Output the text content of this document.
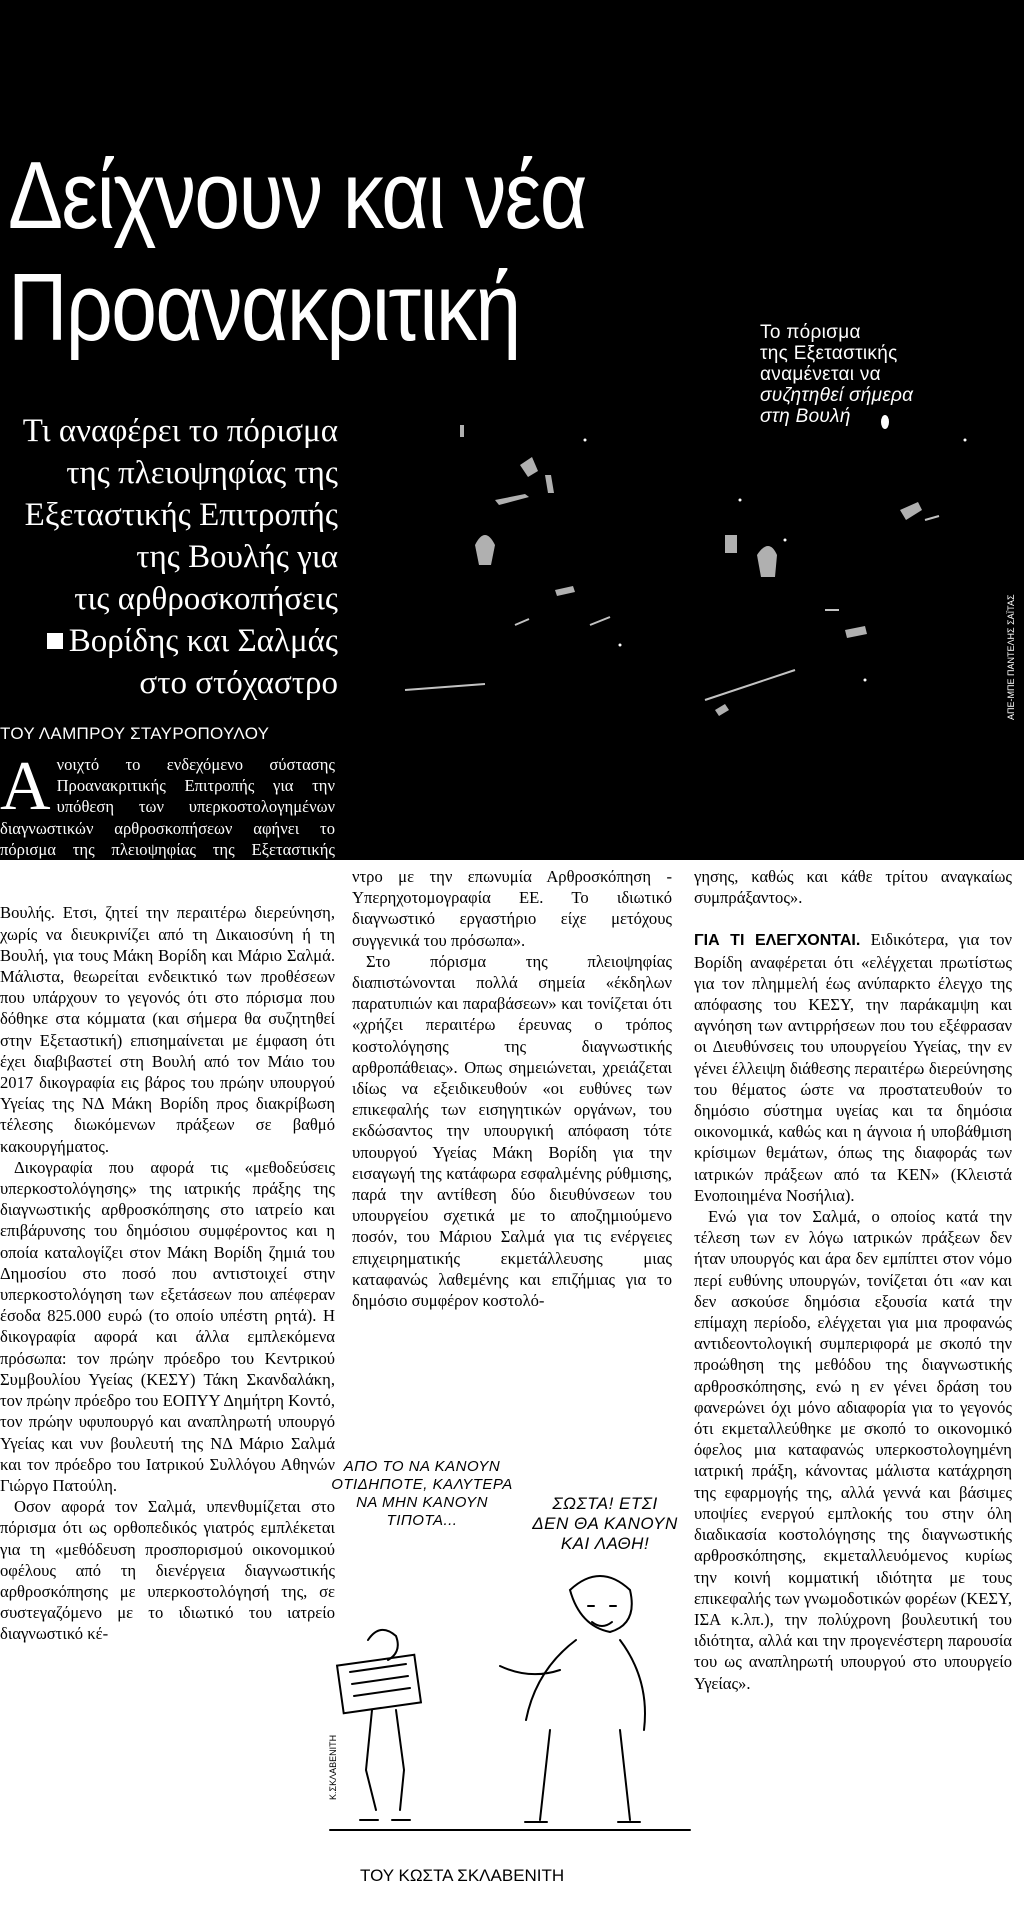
Δείχνουν και νέα
Προανακριτική
Τι αναφέρει το πόρισμα
της πλειοψηφίας της
Εξεταστικής Επιτροπής
της Βουλής για
τις αρθροσκοπήσεις
Βορίδης και Σαλμάς
στο στόχαστρο
ΤΟΥ ΛΑΜΠΡΟΥ ΣΤΑΥΡΟΠΟΥΛΟΥ
Το πόρισμα
της Εξεταστικής
αναμένεται να
συζητηθεί σήμερα
στη Βουλή
ΑΠΕ-ΜΠΕ ΠΑΝΤΕΛΗΣ ΣΑΪΤΑΣ

Ανοιχτό το ενδεχόμενο σύστασης Προανακριτικής Επιτροπής για την υπόθεση των υπερκοστολογημένων διαγνωστικών αρθροσκοπήσεων αφήνει το πόρισμα της πλειοψηφίας της Εξεταστικής Επιτροπής της Βουλής, παραπέμποντας ουσιαστικά το θέμα στην Ολομέλεια της

Βουλής. Ετσι, ζητεί την περαιτέρω διερεύνηση, χωρίς να διευκρινίζει από τη Δικαιοσύνη ή τη Βουλή, για τους Μάκη Βορίδη και Μάριο Σαλμά. Μάλιστα, θεωρείται ενδεικτικό των προθέσεων που υπάρχουν το γεγονός ότι στο πόρισμα που δόθηκε στα κόμματα (και σήμερα θα συζητηθεί στην Εξεταστική) επισημαίνεται με έμφαση ότι έχει διαβιβαστεί στη Βουλή από τον Μάιο του 2017 δικογραφία εις βάρος του πρώην υπουργού Υγείας της ΝΔ Μάκη Βορίδη προς διακρίβωση τέλεσης διωκόμενων πράξεων σε βαθμό κακουργήματος.

Δικογραφία που αφορά τις «μεθοδεύσεις υπερκοστολόγησης» της ιατρικής πράξης της διαγνωστικής αρθροσκόπησης στο ιατρείο και επιβάρυνσης του δημόσιου συμφέροντος και η οποία καταλογίζει στον Μάκη Βορίδη ζημιά του Δημοσίου στο ποσό που αντιστοιχεί στην υπερκοστολόγηση των εξετάσεων που απέφεραν έσοδα 825.000 ευρώ (το οποίο υπέστη ρητά). Η δικογραφία αφορά και άλλα εμπλεκόμενα πρόσωπα: τον πρώην πρόεδρο του Κεντρικού Συμβουλίου Υγείας (ΚΕΣΥ) Τάκη Σκανδαλάκη, τον πρώην πρόεδρο του ΕΟΠΥΥ Δημήτρη Κοντό, τον πρώην υφυπουργό και αναπληρωτή υπουργό Υγείας και νυν βουλευτή της ΝΔ Μάριο Σαλμά και τον πρόεδρο του Ιατρικού Συλλόγου Αθηνών Γιώργο Πατούλη.

Οσον αφορά τον Σαλμά, υπενθυμίζεται στο πόρισμα ότι ως ορθοπεδικός γιατρός εμπλέκεται για τη «μεθόδευση προσπορισμού οικονομικού οφέλους από τη διενέργεια διαγνωστικής αρθροσκόπησης με υπερκοστολόγησή της, σε συστεγαζόμενο με το ιδιωτικό του ιατρείο διαγνωστικό κέ-

ντρο με την επωνυμία Αρθροσκόπηση - Υπερηχοτομογραφία ΕΕ. Το ιδιωτικό διαγνωστικό εργαστήριο είχε μετόχους συγγενικά του πρόσωπα».

Στο πόρισμα της πλειοψηφίας διαπιστώνονται πολλά σημεία «έκδηλων παρατυπιών και παραβάσεων» και τονίζεται ότι «χρήζει περαιτέρω έρευνας ο τρόπος κοστολόγησης της διαγνωστικής αρθροπάθειας». Οπως σημειώνεται, χρειάζεται ιδίως να εξειδικευθούν «οι ευθύνες των επικεφαλής των εισηγητικών οργάνων, του εκδώσαντος την υπουργική απόφαση τότε υπουργού Υγείας Μάκη Βορίδη για την εισαγωγή της κατάφωρα εσφαλμένης ρύθμισης, παρά την αντίθεση δύο διευθύνσεων του υπουργείου σχετικά με το αποζημιούμενο ποσόν, του Μάριου Σαλμά για τις ενέργειες επιχειρηματικής εκμετάλλευσης μιας καταφανώς λαθεμένης και επιζήμιας για το δημόσιο συμφέρον κοστολό-

γησης, καθώς και κάθε τρίτου αναγκαίως συμπράξαντος».

ΓΙΑ ΤΙ ΕΛΕΓΧΟΝΤΑΙ. Ειδικότερα, για τον Βορίδη αναφέρεται ότι «ελέγχεται πρωτίστως για τον πλημμελή έως ανύπαρκτο έλεγχο της απόφασης του ΚΕΣΥ, την παράκαμψη και αγνόηση των αντιρρήσεων που του εξέφρασαν οι Διευθύνσεις του υπουργείου Υγείας, την εν γένει έλλειψη διάθεσης περαιτέρω διερεύνησης του θέματος ώστε να προστατευθούν το δημόσιο σύστημα υγείας και τα δημόσια οικονομικά, καθώς και η άγνοια ή υποβάθμιση κρίσιμων θεμάτων, όπως της διαφοράς των ιατρικών πράξεων από τα ΚΕΝ» (Κλειστά Ενοποιημένα Νοσήλια).

Ενώ για τον Σαλμά, ο οποίος κατά την τέλεση των εν λόγω ιατρικών πράξεων δεν ήταν υπουργός και άρα δεν εμπίπτει στον νόμο περί ευθύνης υπουργών, τονίζεται ότι «αν και δεν ασκούσε δημόσια εξουσία κατά την επίμαχη περίοδο, ελέγχεται για μια προφανώς αντιδεοντολογική συμπεριφορά με σκοπό την προώθηση της μεθόδου της διαγνωστικής αρθροσκόπησης, ενώ η εν γένει δράση του φανερώνει όχι μόνο αδιαφορία για το γεγονός ότι εκμεταλλεύθηκε με σκοπό το οικονομικό όφελος μια καταφανώς υπερκοστολογημένη ιατρική πράξη, κάνοντας μάλιστα κατάχρηση της εφαρμογής της, αλλά γεννά και βάσιμες υποψίες ενεργού εμπλοκής του στην όλη διαδικασία κοστολόγησης της διαγνωστικής αρθροσκόπησης, εκμεταλλευόμενος κυρίως την κοινή κομματική ιδιότητα με τους επικεφαλής των γνωμοδοτικών φορέων (ΚΕΣΥ, ΙΣΑ κ.λπ.), την πολύχρονη βουλευτική του ιδιότητα, αλλά και την προγενέστερη παρουσία του ως αναπληρωτή υπουργού στο υπουργείο Υγείας».

Κ.ΣΚΛΑΒΕΝΙΤΗ
ΑΠΟ ΤΟ ΝΑ ΚΑΝΟΥΝ
ΟΤΙΔΗΠΟΤΕ, ΚΑΛΥΤΕΡΑ
ΝΑ ΜΗΝ ΚΑΝΟΥΝ
ΤΙΠΟΤΑ...
ΣΩΣΤΑ! ΕΤΣΙ
ΔΕΝ ΘΑ ΚΑΝΟΥΝ
ΚΑΙ ΛΑΘΗ!
ΤΟΥ ΚΩΣΤΑ ΣΚΛΑΒΕΝΙΤΗ
